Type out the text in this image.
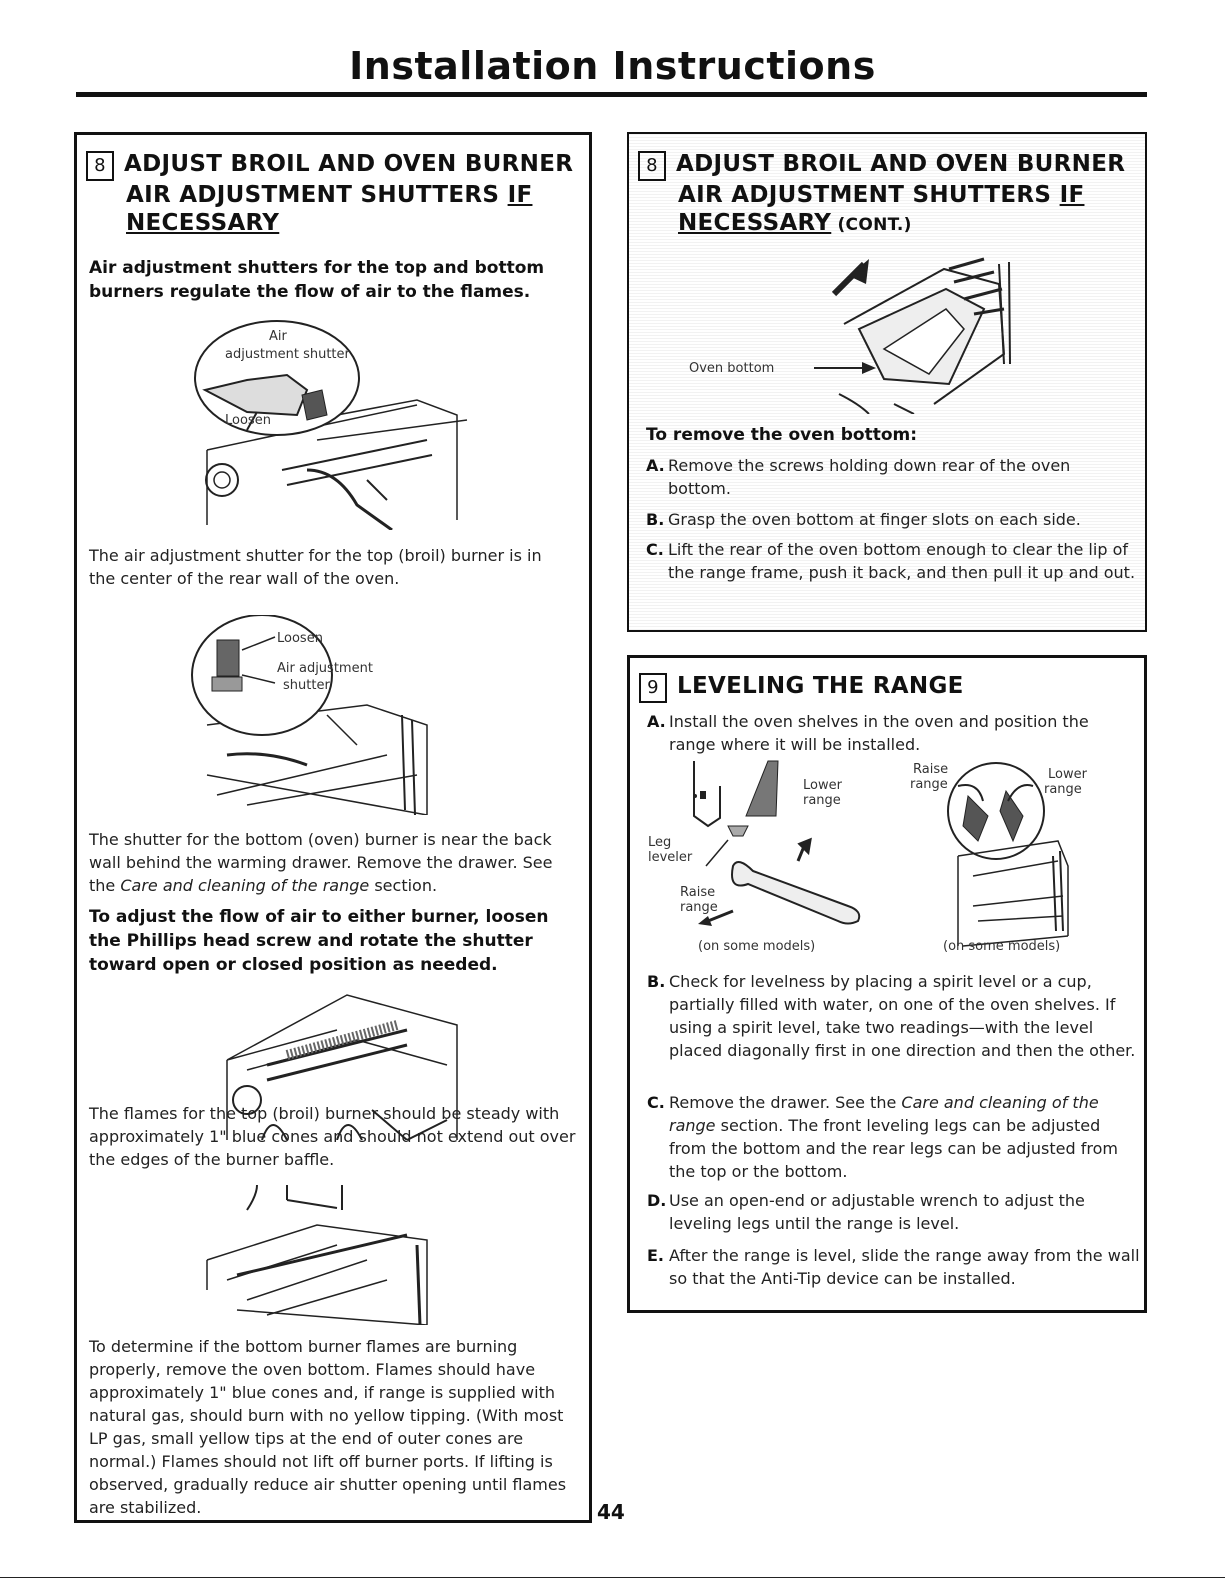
Installation Instructions
8 ADJUST BROIL AND OVEN BURNER
AIR ADJUSTMENT SHUTTERS IF
NECESSARY
Air adjustment shutters for the top and bottom burners regulate the flow of air to the flames.
Air
adjustment shutter
Loosen
The air adjustment shutter for the top (broil) burner is in the center of the rear wall of the oven.
Loosen
Air adjustment
shutter
The shutter for the bottom (oven) burner is near the back wall behind the warming drawer. Remove the drawer. See the Care and cleaning of the range section.
To adjust the flow of air to either burner, loosen the Phillips head screw and rotate the shutter toward open or closed position as needed.
The flames for the top (broil) burner should be steady with approximately 1" blue cones and should not extend out over the edges of the burner baffle.
To determine if the bottom burner flames are burning properly, remove the oven bottom. Flames should have approximately 1" blue cones and, if range is supplied with natural gas, should burn with no yellow tipping. (With most LP gas, small yellow tips at the end of outer cones are normal.) Flames should not lift off burner ports. If lifting is observed, gradually reduce air shutter opening until flames are stabilized.
8 ADJUST BROIL AND OVEN BURNER
AIR ADJUSTMENT SHUTTERS IF
NECESSARY (CONT.)
Oven bottom
To remove the oven bottom:
A. Remove the screws holding down rear of the oven bottom.
B. Grasp the oven bottom at finger slots on each side.
C. Lift the rear of the oven bottom enough to clear the lip of the range frame, push it back, and then pull it up and out.
9 LEVELING THE RANGE
A. Install the oven shelves in the oven and position the range where it will be installed.
Lower
range
Leg
leveler
Raise
range
(on some models)
Raise
range
Lower
range
(on some models)
B. Check for levelness by placing a spirit level or a cup, partially filled with water, on one of the oven shelves. If using a spirit level, take two readings—with the level placed diagonally first in one direction and then the other.
C. Remove the drawer. See the Care and cleaning of the range section. The front leveling legs can be adjusted from the bottom and the rear legs can be adjusted from the top or the bottom.
D. Use an open-end or adjustable wrench to adjust the leveling legs until the range is level.
E. After the range is level, slide the range away from the wall so that the Anti-Tip device can be installed.
44
